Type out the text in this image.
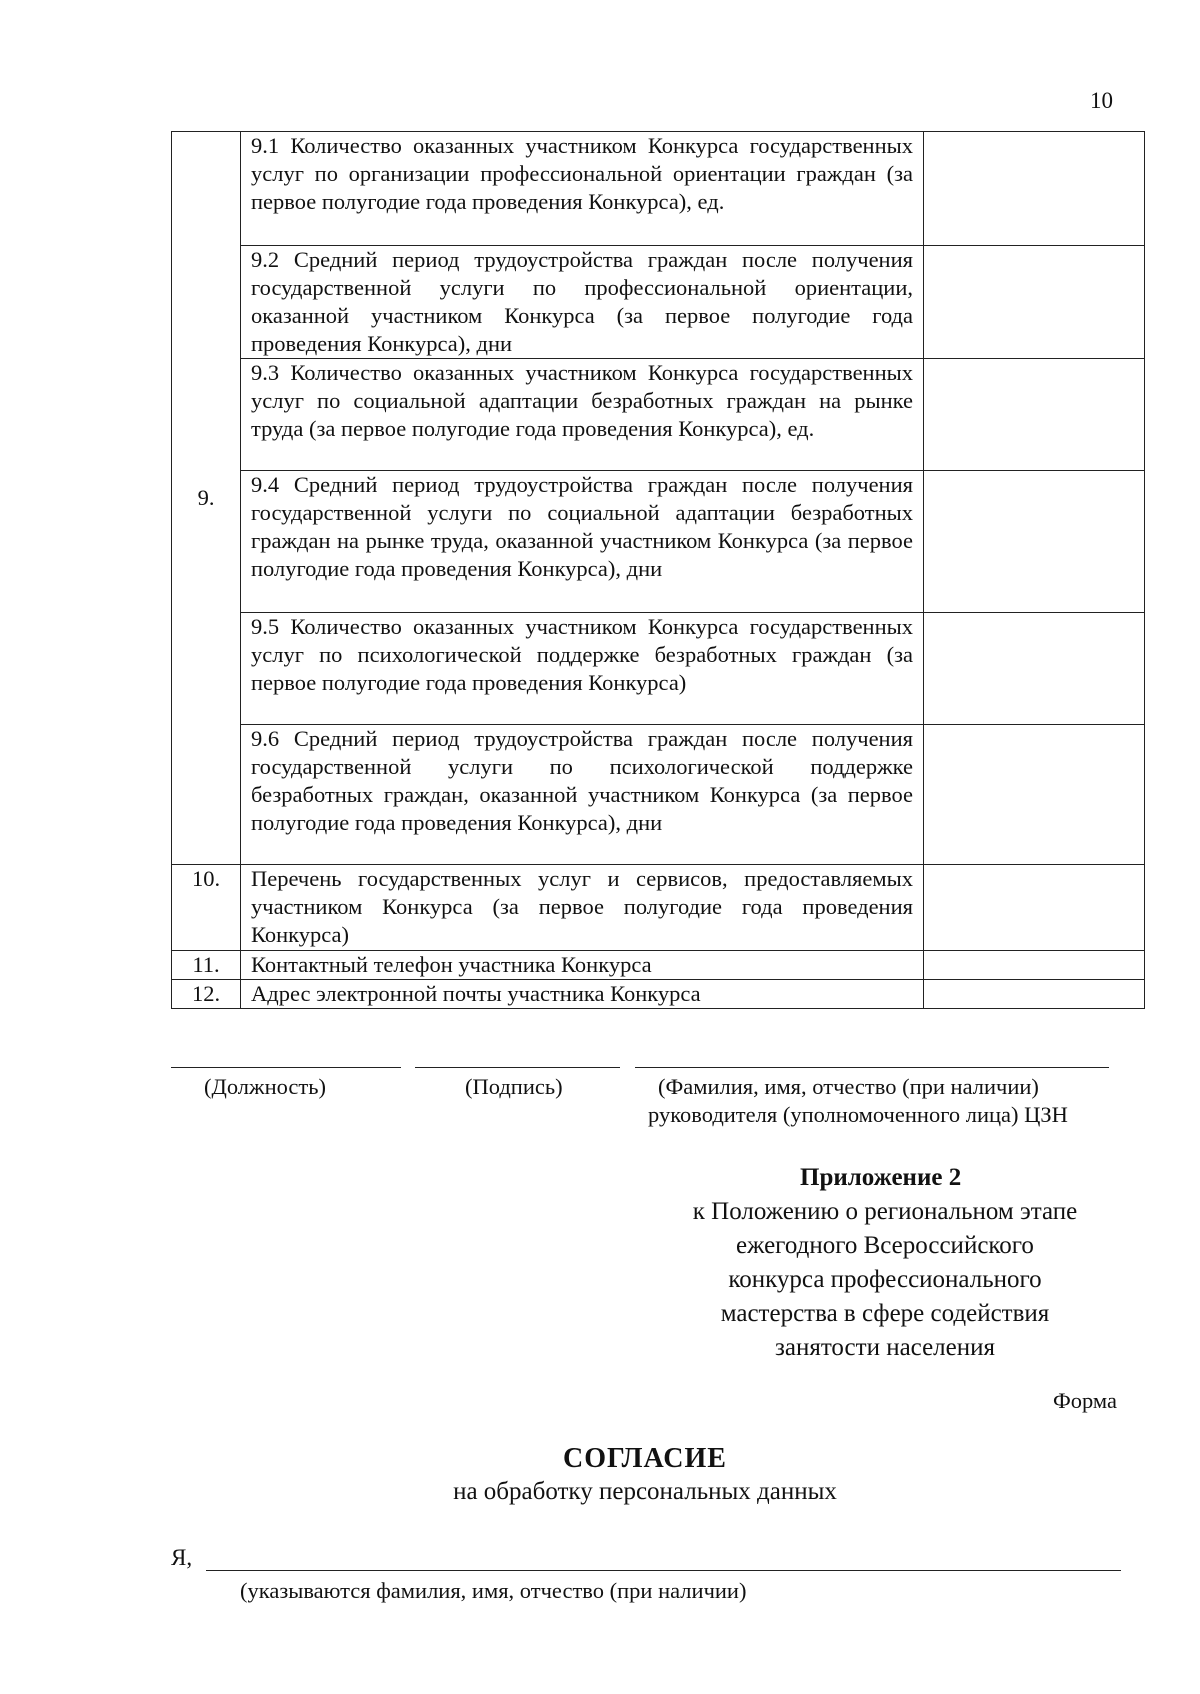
10
9.	9.1 Количество оказанных участником Конкурса государственных услуг по организации профессиональной ориентации граждан (за первое полугодие года проведения Конкурса), ед.	
	9.2 Средний период трудоустройства граждан после получения государственной услуги по профессиональной ориентации, оказанной участником Конкурса (за первое полугодие года проведения Конкурса), дни	
	9.3 Количество оказанных участником Конкурса государственных услуг по социальной адаптации безработных граждан на рынке труда (за первое полугодие года проведения Конкурса), ед.	
	9.4 Средний период трудоустройства граждан после получения государственной услуги по социальной адаптации безработных граждан на рынке труда, оказанной участником Конкурса (за первое полугодие года проведения Конкурса), дни	
	9.5 Количество оказанных участником Конкурса государственных услуг по психологической поддержке безработных граждан (за первое полугодие года проведения Конкурса)	
	9.6 Средний период трудоустройства граждан после получения государственной услуги по психологической поддержке безработных граждан, оказанной участником Конкурса (за первое полугодие года проведения Конкурса), дни	
10.	Перечень государственных услуг и сервисов, предоставляемых участником Конкурса (за первое полугодие года проведения Конкурса)	
11.	Контактный телефон участника Конкурса	
12.	Адрес электронной почты участника Конкурса	
(Должность)	(Подпись)	(Фамилия, имя, отчество (при наличии)
руководителя (уполномоченного лица) ЦЗН
Приложение 2
к Положению о региональном этапе
ежегодного Всероссийского
конкурса профессионального
мастерства в сфере содействия
занятости населения
Форма
СОГЛАСИЕ
на обработку персональных данных
Я,
(указываются фамилия, имя, отчество (при наличии)
